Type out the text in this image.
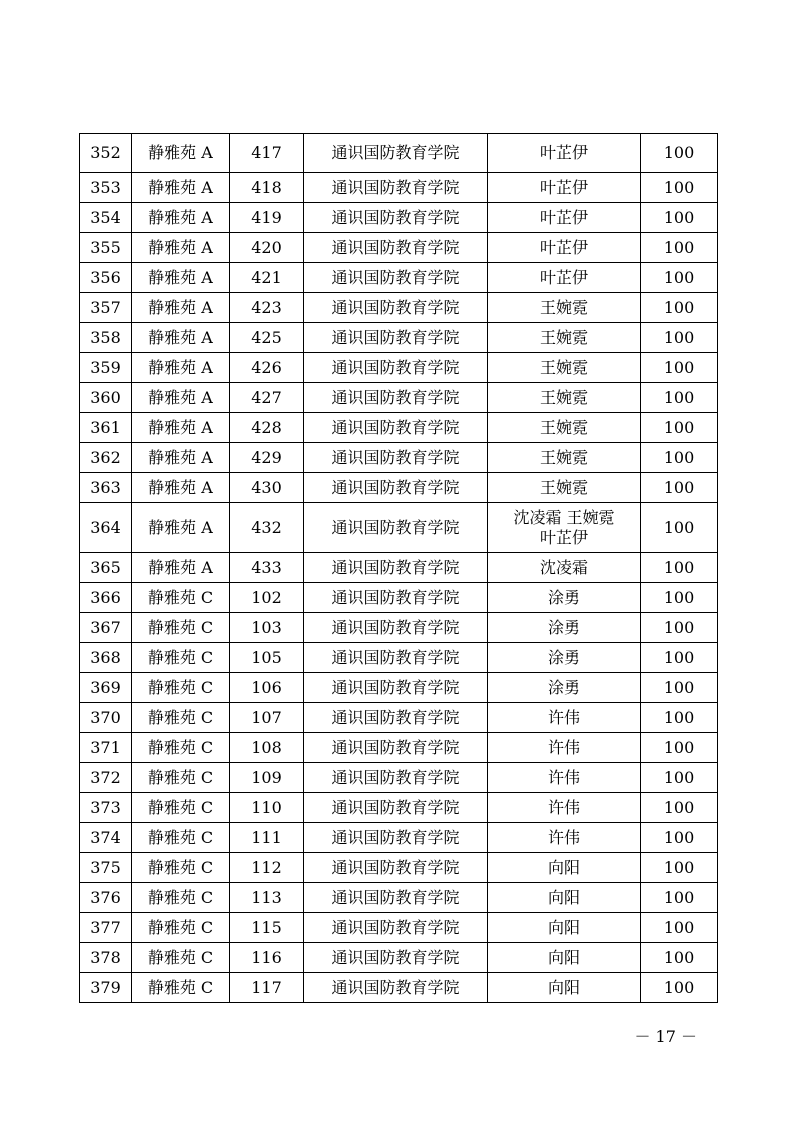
352	静雅苑 A	417	通识国防教育学院	叶芷伊	100
353	静雅苑 A	418	通识国防教育学院	叶芷伊	100
354	静雅苑 A	419	通识国防教育学院	叶芷伊	100
355	静雅苑 A	420	通识国防教育学院	叶芷伊	100
356	静雅苑 A	421	通识国防教育学院	叶芷伊	100
357	静雅苑 A	423	通识国防教育学院	王婉霓	100
358	静雅苑 A	425	通识国防教育学院	王婉霓	100
359	静雅苑 A	426	通识国防教育学院	王婉霓	100
360	静雅苑 A	427	通识国防教育学院	王婉霓	100
361	静雅苑 A	428	通识国防教育学院	王婉霓	100
362	静雅苑 A	429	通识国防教育学院	王婉霓	100
363	静雅苑 A	430	通识国防教育学院	王婉霓	100
364	静雅苑 A	432	通识国防教育学院	沈凌霜 王婉霓
叶芷伊	100
365	静雅苑 A	433	通识国防教育学院	沈凌霜	100
366	静雅苑 C	102	通识国防教育学院	涂勇	100
367	静雅苑 C	103	通识国防教育学院	涂勇	100
368	静雅苑 C	105	通识国防教育学院	涂勇	100
369	静雅苑 C	106	通识国防教育学院	涂勇	100
370	静雅苑 C	107	通识国防教育学院	许伟	100
371	静雅苑 C	108	通识国防教育学院	许伟	100
372	静雅苑 C	109	通识国防教育学院	许伟	100
373	静雅苑 C	110	通识国防教育学院	许伟	100
374	静雅苑 C	111	通识国防教育学院	许伟	100
375	静雅苑 C	112	通识国防教育学院	向阳	100
376	静雅苑 C	113	通识国防教育学院	向阳	100
377	静雅苑 C	115	通识国防教育学院	向阳	100
378	静雅苑 C	116	通识国防教育学院	向阳	100
379	静雅苑 C	117	通识国防教育学院	向阳	100
－ 17 －
